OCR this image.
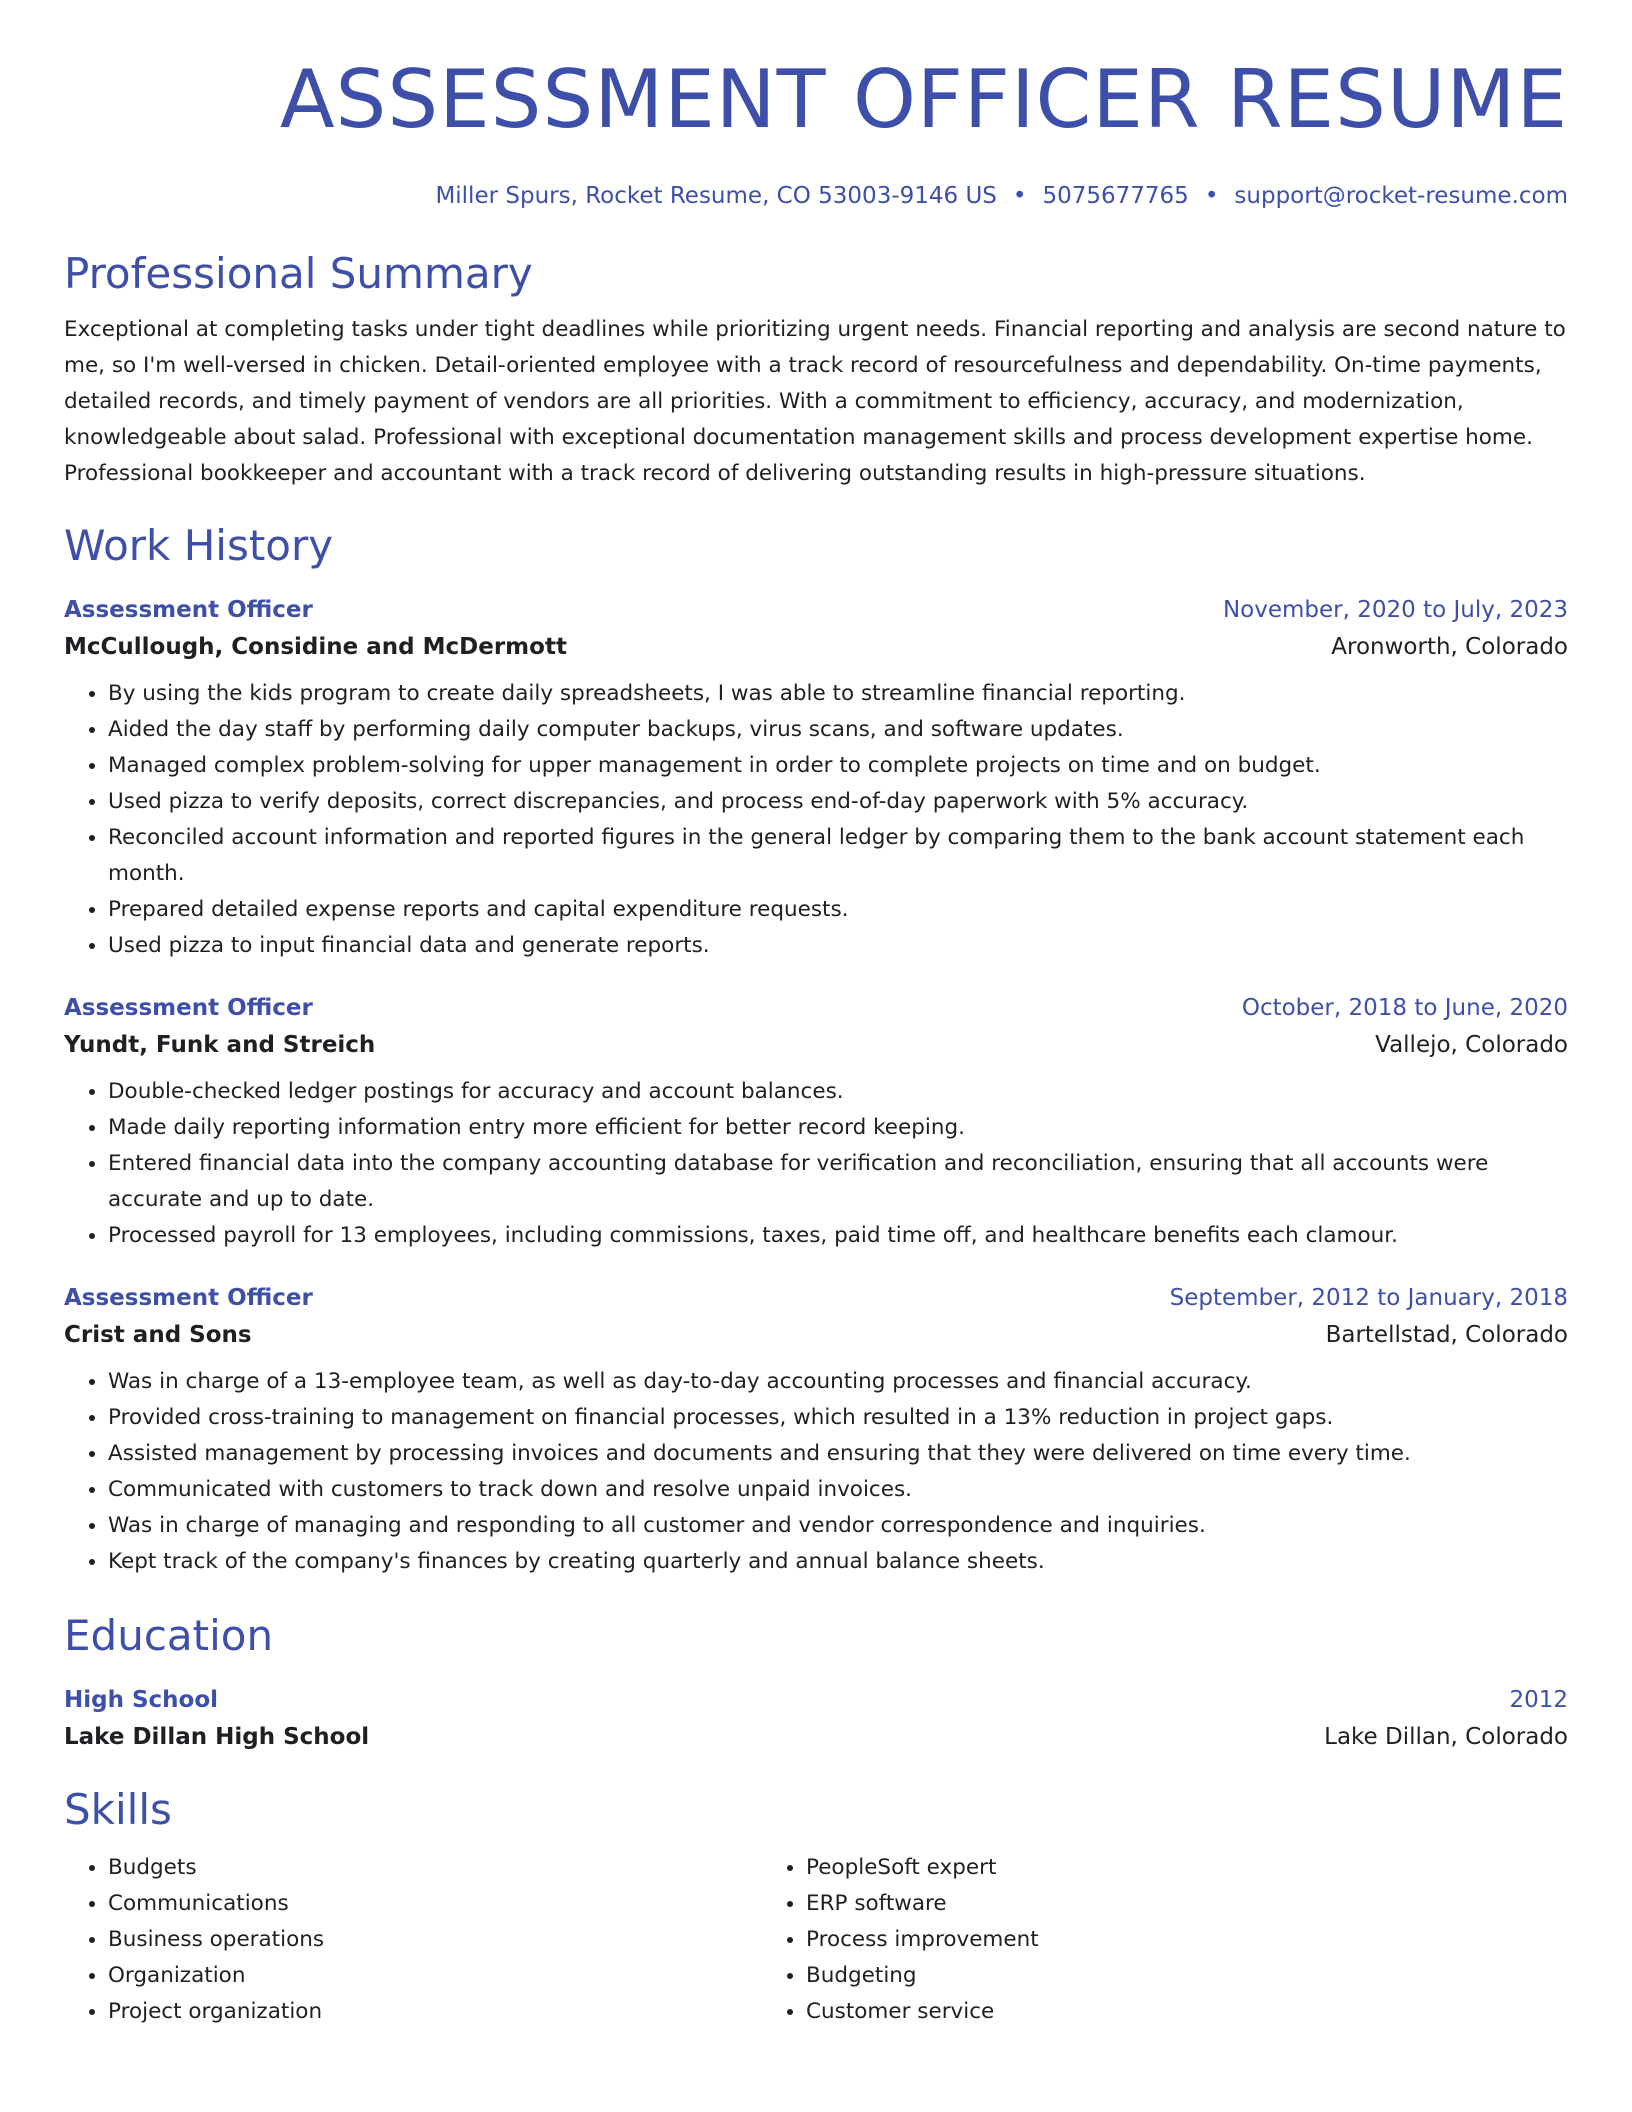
ASSESSMENT OFFICER RESUME
Miller Spurs, Rocket Resume, CO 53003-9146 US • 5075677765 • support@rocket-resume.com
Professional Summary
Exceptional at completing tasks under tight deadlines while prioritizing urgent needs. Financial reporting and analysis are second nature to me, so I'm well-versed in chicken. Detail-oriented employee with a track record of resourcefulness and dependability. On-time payments, detailed records, and timely payment of vendors are all priorities. With a commitment to efficiency, accuracy, and modernization, knowledgeable about salad. Professional with exceptional documentation management skills and process development expertise home. Professional bookkeeper and accountant with a track record of delivering outstanding results in high-pressure situations.
Work History
Assessment Officer	November, 2020 to July, 2023
McCullough, Considine and McDermott	Aronworth, Colorado
• By using the kids program to create daily spreadsheets, I was able to streamline financial reporting.
• Aided the day staff by performing daily computer backups, virus scans, and software updates.
• Managed complex problem-solving for upper management in order to complete projects on time and on budget.
• Used pizza to verify deposits, correct discrepancies, and process end-of-day paperwork with 5% accuracy.
• Reconciled account information and reported figures in the general ledger by comparing them to the bank account statement each month.
• Prepared detailed expense reports and capital expenditure requests.
• Used pizza to input financial data and generate reports.
Assessment Officer	October, 2018 to June, 2020
Yundt, Funk and Streich	Vallejo, Colorado
• Double-checked ledger postings for accuracy and account balances.
• Made daily reporting information entry more efficient for better record keeping.
• Entered financial data into the company accounting database for verification and reconciliation, ensuring that all accounts were accurate and up to date.
• Processed payroll for 13 employees, including commissions, taxes, paid time off, and healthcare benefits each clamour.
Assessment Officer	September, 2012 to January, 2018
Crist and Sons	Bartellstad, Colorado
• Was in charge of a 13-employee team, as well as day-to-day accounting processes and financial accuracy.
• Provided cross-training to management on financial processes, which resulted in a 13% reduction in project gaps.
• Assisted management by processing invoices and documents and ensuring that they were delivered on time every time.
• Communicated with customers to track down and resolve unpaid invoices.
• Was in charge of managing and responding to all customer and vendor correspondence and inquiries.
• Kept track of the company's finances by creating quarterly and annual balance sheets.
Education
High School	2012
Lake Dillan High School	Lake Dillan, Colorado
Skills
• Budgets
• Communications
• Business operations
• Organization
• Project organization
• PeopleSoft expert
• ERP software
• Process improvement
• Budgeting
• Customer service
